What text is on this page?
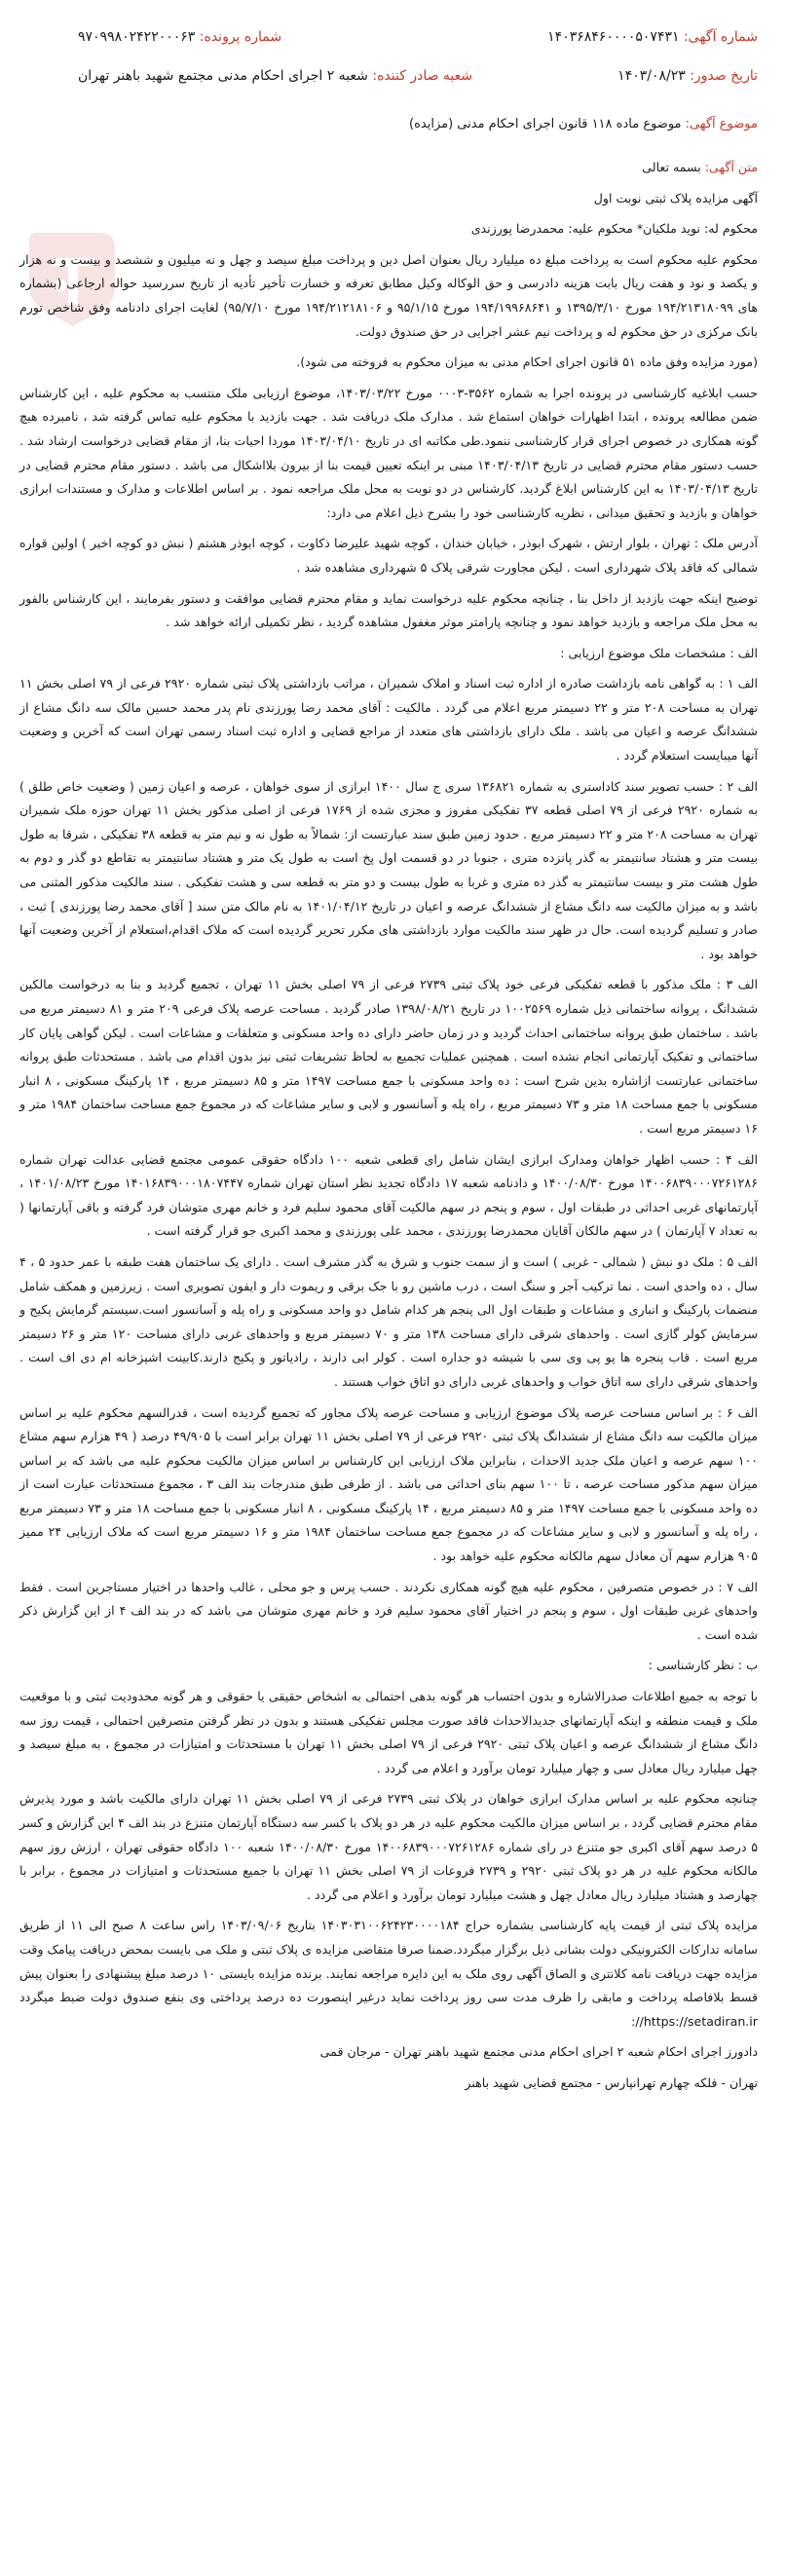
شماره آگهی: ۱۴۰۳۶۸۴۶۰۰۰۰۵۰۷۴۳۱
شماره پرونده: ۹۷۰۹۹۸۰۲۴۲۲۰۰۰۶۳
تاریخ صدور: ۱۴۰۳/۰۸/۲۳
شعبه صادر کننده: شعبه ۲ اجرای احکام مدنی مجتمع شهید باهنر تهران
موضوع آگهی: موضوع ماده ۱۱۸ قانون اجرای احکام مدنی (مزایده)

متن آگهی: بسمه تعالی

آگهی مزایده پلاک ثبتی نوبت اول

محکوم له: نوید ملکیان* محکوم علیه: محمدرضا پورزندی

محکوم علیه محکوم است به پرداخت مبلغ ده میلیارد ریال بعنوان اصل دین و پرداخت مبلغ سیصد و چهل و نه میلیون و ششصد و بیست و نه هزار و یکصد و نود و هفت ریال بابت هزینه دادرسی و حق الوکاله وکیل مطابق تعرفه و خسارت تأخیر تأدیه از تاریخ سررسید حواله ارجاعی (بشماره های ۱۹۴/۲۱۳۱۸۰۹۹ مورخ ۱۳۹۵/۳/۱۰ و ۱۹۴/۱۹۹۶۸۶۴۱ مورخ ۹۵/۱/۱۵ و ۱۹۴/۲۱۲۱۸۱۰۶ مورخ ۹۵/۷/۱۰) لغایت اجرای دادنامه وفق شاخص تورم بانک مرکزی در حق محکوم له و پرداخت نیم عشر اجرایی در حق صندوق دولت.

(مورد مزایده وفق ماده ۵۱ قانون اجرای احکام مدنی به میزان محکوم به فروخته می شود).

حسب ابلاغیه کارشناسی در پرونده اجرا به شماره ۳۵۶۲-۰۰۰۳ مورخ ۱۴۰۳/۰۳/۲۲، موضوع ارزیابی ملک منتسب به محکوم علیه ، این کارشناس ضمن مطالعه پرونده ، ابتدا اظهارات خواهان استماع شد . مدارک ملک دریافت شد . جهت بازدید با محکوم علیه تماس گرفته شد ، نامبرده هیچ گونه همکاری در خصوص اجرای قرار کارشناسی ننمود.طی مکاتبه ای در تاریخ ۱۴۰۳/۰۴/۱۰ موردا احیات بنا، از مقام قضایی درخواست ارشاد شد . حسب دستور مقام محترم قضایی در تاریخ ۱۴۰۳/۰۴/۱۳ مبنی بر اینکه تعیین قیمت بنا از بیرون بلااشکال می باشد . دستور مقام محترم قضایی در تاریخ ۱۴۰۳/۰۴/۱۳ به این کارشناس ابلاغ گردید. کارشناس در دو نوبت به محل ملک مراجعه نمود . بر اساس اطلاعات و مدارک و مستندات ابرازی خواهان و بازدید و تحقیق میدانی ، نظریه کارشناسی خود را بشرح ذیل اعلام می دارد:

آدرس ملک : تهران ، بلوار ارتش ، شهرک ابوذر ، خیابان خندان ، کوچه شهید علیرضا ذکاوت ، کوچه ابوذر هشتم ( نبش دو کوچه اخیر ) اولین قواره شمالی که فاقد پلاک شهرداری است . لیکن مجاورت شرقی پلاک ۵ شهرداری مشاهده شد .

توضیح اینکه جهت بازدید از داخل بنا ، چنانچه محکوم علیه درخواست نماید و مقام محترم قضایی موافقت و دستور بفرمایند ، این کارشناس بالفور به محل ملک مراجعه و بازدید خواهد نمود و چنانچه پارامتر موثر مغفول مشاهده گردید ، نظر تکمیلی ارائه خواهد شد .

الف : مشخصات ملک موضوع ارزیابی :

الف ۱ : به گواهی نامه بازداشت صادره از اداره ثبت اسناد و املاک شمیران ، مراتب بازداشتی پلاک ثبتی شماره ۲۹۲۰ فرعی از ۷۹ اصلی بخش ۱۱ تهران به مساحت ۲۰۸ متر و ۲۲ دسیمتر مربع اعلام می گردد . مالکیت : آقای محمد رضا پورزندی نام پدر محمد حسین مالک سه دانگ مشاع از ششدانگ عرصه و اعیان می باشد . ملک دارای بازداشتی های متعدد از مراجع قضایی و اداره ثبت اسناد رسمی تهران است که آخرین و وضعیت آنها میبایست استعلام گردد .

الف ۲ : حسب تصویر سند کاداستری به شماره ۱۳۶۸۲۱ سری ج سال ۱۴۰۰ ابرازی از سوی خواهان ، عرصه و اعیان زمین ( وضعیت خاص طلق ) به شماره ۲۹۲۰ فرعی از ۷۹ اصلی قطعه ۳۷ تفکیکی مفروز و مجزی شده از ۱۷۶۹ فرعی از اصلی مذکور بخش ۱۱ تهران حوزه ملک شمیران تهران به مساحت ۲۰۸ متر و ۲۲ دسیمتر مربع . حدود زمین طبق سند عبارتست از: شمالاً به طول نه و نیم متر به قطعه ۳۸ تفکیکی ، شرقا به طول بیست متر و هشتاد سانتیمتر به گذر پانزده متری ، جنوبا در دو قسمت اول پخ است به طول یک متر و هشتاد سانتیمتر به تقاطع دو گذر و دوم به طول هشت متر و بیست سانتیمتر به گذر ده متری و غربا به طول بیست و دو متر به قطعه سی و هشت تفکیکی . سند مالکیت مذکور المثنی می باشد و به میزان مالکیت سه دانگ مشاع از ششدانگ عرصه و اعیان در تاریخ ۱۴۰۱/۰۴/۱۲ به نام مالک متن سند [ آقای محمد رضا پورزندی ] ثبت ، صادر و تسلیم گردیده است. حال در ظهر سند مالکیت موارد بازداشتی های مکرر تحریر گردیده است که ملاک اقدام،استعلام از آخرین وضعیت آنها خواهد بود .

الف ۳ : ملک مذکور با قطعه تفکیکی فرعی خود پلاک ثبتی ۲۷۳۹ فرعی از ۷۹ اصلی بخش ۱۱ تهران ، تجمیع گردید و بنا به درخواست مالکین ششدانگ ، پروانه ساختمانی ذیل شماره ۱۰۰۲۵۶۹ در تاریخ ۱۳۹۸/۰۸/۲۱ صادر گردید . مساحت عرصه پلاک فرعی ۲۰۹ متر و ۸۱ دسیمتر مربع می باشد . ساختمان طبق پروانه ساختمانی احداث گردید و در زمان حاضر دارای ده واحد مسکونی و متعلقات و مشاعات است . لیکن گواهی پایان کار ساختمانی و تفکیک آپارتمانی انجام نشده است . همچنین عملیات تجمیع به لحاظ تشریفات ثبتی نیز بدون اقدام می باشد . مستحدثات طبق پروانه ساختمانی عبارتست ازاشاره بدین شرح است : ده واحد مسکونی با جمع مساحت ۱۴۹۷ متر و ۸۵ دسیمتر مربع ، ۱۴ پارکینگ مسکونی ، ۸ انبار مسکونی با جمع مساحت ۱۸ متر و ۷۳ دسیمتر مربع ، راه پله و آسانسور و لابی و سایر مشاعات که در مجموع جمع مساحت ساختمان ۱۹۸۴ متر و ۱۶ دسیمتر مربع است .

الف ۴ : حسب اظهار خواهان ومدارک ابرازی ایشان شامل رای قطعی شعبه ۱۰۰ دادگاه حقوقی عمومی مجتمع قضایی عدالت تهران شماره ۱۴۰۰۶۸۳۹۰۰۰۷۲۶۱۲۸۶ مورخ ۱۴۰۰/۰۸/۳۰ و دادنامه شعبه ۱۷ دادگاه تجدید نظر استان تهران شماره ۱۴۰۱۶۸۳۹۰۰۰۱۸۰۷۴۴۷ مورخ ۱۴۰۱/۰۸/۲۳ ، آپارتمانهای غربی احداثی در طبقات اول ، سوم و پنجم در سهم مالکیت آقای محمود سلیم فرد و خانم مهری متوشان فرد گرفته و باقی آپارتمانها ( به تعداد ۷ آپارتمان ) در سهم مالکان آقایان محمدرضا پورزندی ، محمد علی پورزندی و محمد اکبری جو قرار گرفته است .

الف ۵ : ملک دو نبش ( شمالی - غربی ) است و از سمت جنوب و شرق به گذر مشرف است . دارای یک ساختمان هفت طبقه با عمر حدود ۵ ، ۴ سال ، ده واحدی است . نما ترکیب آجر و سنگ است ، درب ماشین رو با جک برقی و ریموت دار و ایفون تصویری است . زیرزمین و همکف شامل منضمات پارکینگ و انباری و مشاعات و طبقات اول الی پنجم هر کدام شامل دو واحد مسکونی و راه پله و آسانسور است.سیستم گرمایش پکیج و سرمایش کولر گازی است . واحدهای شرقی دارای مساحت ۱۳۸ متر و ۷۰ دسیمتر مربع و واحدهای غربی دارای مساحت ۱۲۰ متر و ۲۶ دسیمتر مربع است . قاب پنجره ها پو پی وی سی با شیشه دو جداره است . کولر ابی دارند ، رادیاتور و پکیج دارند.کابینت اشپزخانه ام دی اف است . واحدهای شرقی دارای سه اتاق خواب و واحدهای غربی دارای دو اتاق خواب هستند .

الف ۶ : بر اساس مساحت عرصه پلاک موضوع ارزیابی و مساحت عرصه پلاک مجاور که تجمیع گردیده است ، قدرالسهم محکوم علیه بر اساس میزان مالکیت سه دانگ مشاع از ششدانگ پلاک ثبتی ۲۹۲۰ فرعی از ۷۹ اصلی بخش ۱۱ تهران برابر است با ۴۹/۹۰۵ درصد ( ۴۹ هزارم سهم مشاع ۱۰۰ سهم عرصه و اعیان ملک جدید الاحداث ، بنابراین ملاک ارزیابی این کارشناس بر اساس میزان مالکیت محکوم علیه می باشد که بر اساس میزان سهم مذکور مساحت عرصه ، تا ۱۰۰ سهم بنای احداثی می باشد . از طرفی طبق مندرجات بند الف ۳ ، مجموع مستحدثات عبارت است از ده واحد مسکونی با جمع مساحت ۱۴۹۷ متر و ۸۵ دسیمتر مربع ، ۱۴ پارکینگ مسکونی ، ۸ انبار مسکونی با جمع مساحت ۱۸ متر و ۷۳ دسیمتر مربع ، راه پله و آسانسور و لابی و سایر مشاعات که در مجموع جمع مساحت ساختمان ۱۹۸۴ متر و ۱۶ دسیمتر مربع است که ملاک ارزیابی ۲۴ ممیز ۹۰۵ هزارم سهم آن معادل سهم مالکانه محکوم علیه خواهد بود .

الف ۷ : در خصوص متصرفین ، محکوم علیه هیچ گونه همکاری نکردند . حسب پرس و جو محلی ، غالب واحدها در اختیار مستاجرین است . فقط واحدهای غربی طبقات اول ، سوم و پنجم در اختیار آقای محمود سلیم فرد و خانم مهری متوشان می باشد که در بند الف ۴ از این گزارش ذکر شده است .

ب : نظر کارشناسی :

با توجه به جمیع اطلاعات صدرالاشاره و بدون احتساب هر گونه بدهی احتمالی به اشخاص حقیقی یا حقوقی و هر گونه محدودیت ثبتی و با موقعیت ملک و قیمت منطقه و اینکه آپارتمانهای جدیدالاحداث فاقد صورت مجلس تفکیکی هستند و بدون در نظر گرفتن متصرفین احتمالی ، قیمت روز سه دانگ مشاع از ششدانگ عرصه و اعیان پلاک ثبتی ۲۹۲۰ فرعی از ۷۹ اصلی بخش ۱۱ تهران با مستحدثات و امتیازات در مجموع ، به مبلغ سیصد و چهل میلیارد ریال معادل سی و چهار میلیارد تومان برآورد و اعلام می گردد .

چنانچه محکوم علیه بر اساس مدارک ابرازی خواهان در پلاک ثبتی ۲۷۳۹ فرعی از ۷۹ اصلی بخش ۱۱ تهران دارای مالکیت باشد و مورد پذیرش مقام محترم قضایی گردد ، بر اساس میزان مالکیت محکوم علیه در هر دو پلاک با کسر سه دستگاه آپارتمان متنزع در بند الف ۴ این گزارش و کسر ۵ درصد سهم آقای اکبری جو متنزع در رای شماره ۱۴۰۰۶۸۳۹۰۰۰۷۲۶۱۲۸۶ مورخ ۱۴۰۰/۰۸/۳۰ شعبه ۱۰۰ دادگاه حقوقی تهران ، ارزش روز سهم مالکانه محکوم علیه در هر دو پلاک ثبتی ۲۹۲۰ و ۲۷۳۹ فروعات از ۷۹ اصلی بخش ۱۱ تهران با جمیع مستحدثات و امتیازات در مجموع ، برابر با چهارصد و هشتاد میلیارد ریال معادل چهل و هشت میلیارد تومان برآورد و اعلام می گردد .

مزایده پلاک ثبتی از قیمت پایه کارشناسی بشماره حراج ۱۴۰۳۰۳۱۰۰۶۲۴۲۳۰۰۰۰۱۸۴ بتاریخ ۱۴۰۳/۰۹/۰۶ راس ساعت ۸ صبح الی ۱۱ از طریق سامانه تدارکات الکترونیکی دولت بشانی ذیل برگزار میگردد.ضمنا صرفا متقاضی مزایده ی پلاک ثبتی و ملک می بایست بمحض دریافت پیامک وقت مزایده جهت دریافت نامه کلانتری و الصاق آگهی روی ملک به این دایره مراجعه نمایند. برنده مزایده بایستی ۱۰ درصد مبلغ پیشنهادی را بعنوان پیش قسط بلافاصله پرداخت و مابقی را ظرف مدت سی روز پرداخت نماید درغیر اینصورت ده درصد پرداختی وی بنفع صندوق دولت ضبط میگردد https://setadiran.ir//:

دادورز اجرای احکام شعبه ۲ اجرای احکام مدنی مجتمع شهید باهنر تهران - مرجان قمی

تهران - فلکه چهارم تهرانپارس - مجتمع قضایی شهید باهنر
